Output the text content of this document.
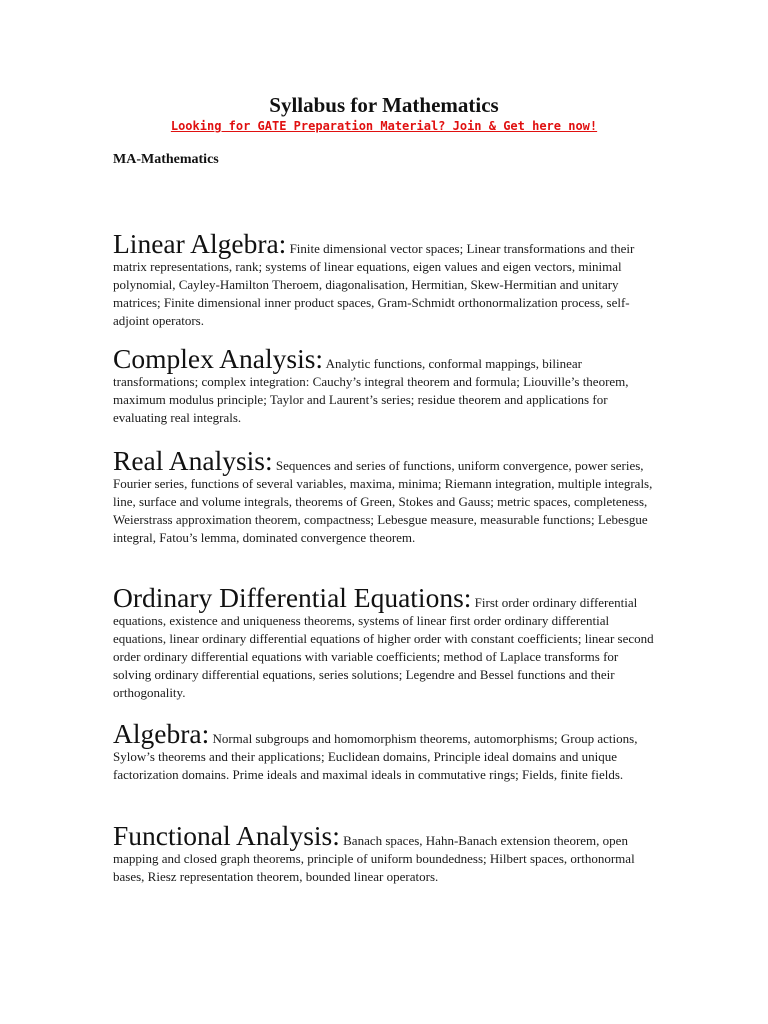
Syllabus for Mathematics
Looking for GATE Preparation Material? Join & Get here now!
MA-Mathematics
Linear Algebra: Finite dimensional vector spaces; Linear transformations and their matrix representations, rank; systems of linear equations, eigen values and eigen vectors, minimal polynomial, Cayley-Hamilton Theroem, diagonalisation, Hermitian, Skew-Hermitian and unitary matrices; Finite dimensional inner product spaces, Gram-Schmidt orthonormalization process, self-adjoint operators.
Complex Analysis: Analytic functions, conformal mappings, bilinear transformations; complex integration: Cauchy’s integral theorem and formula; Liouville’s theorem, maximum modulus principle; Taylor and Laurent’s series; residue theorem and applications for evaluating real integrals.
Real Analysis: Sequences and series of functions, uniform convergence, power series, Fourier series, functions of several variables, maxima, minima; Riemann integration, multiple integrals, line, surface and volume integrals, theorems of Green, Stokes and Gauss; metric spaces, completeness, Weierstrass approximation theorem, compactness; Lebesgue measure, measurable functions; Lebesgue integral, Fatou’s lemma, dominated convergence theorem.
Ordinary Differential Equations: First order ordinary differential equations, existence and uniqueness theorems, systems of linear first order ordinary differential equations, linear ordinary differential equations of higher order with constant coefficients; linear second order ordinary differential equations with variable coefficients; method of Laplace transforms for solving ordinary differential equations, series solutions; Legendre and Bessel functions and their orthogonality.
Algebra: Normal subgroups and homomorphism theorems, automorphisms; Group actions, Sylow’s theorems and their applications; Euclidean domains, Principle ideal domains and unique factorization domains. Prime ideals and maximal ideals in commutative rings; Fields, finite fields.
Functional Analysis: Banach spaces, Hahn-Banach extension theorem, open mapping and closed graph theorems, principle of uniform boundedness; Hilbert spaces, orthonormal bases, Riesz representation theorem, bounded linear operators.
